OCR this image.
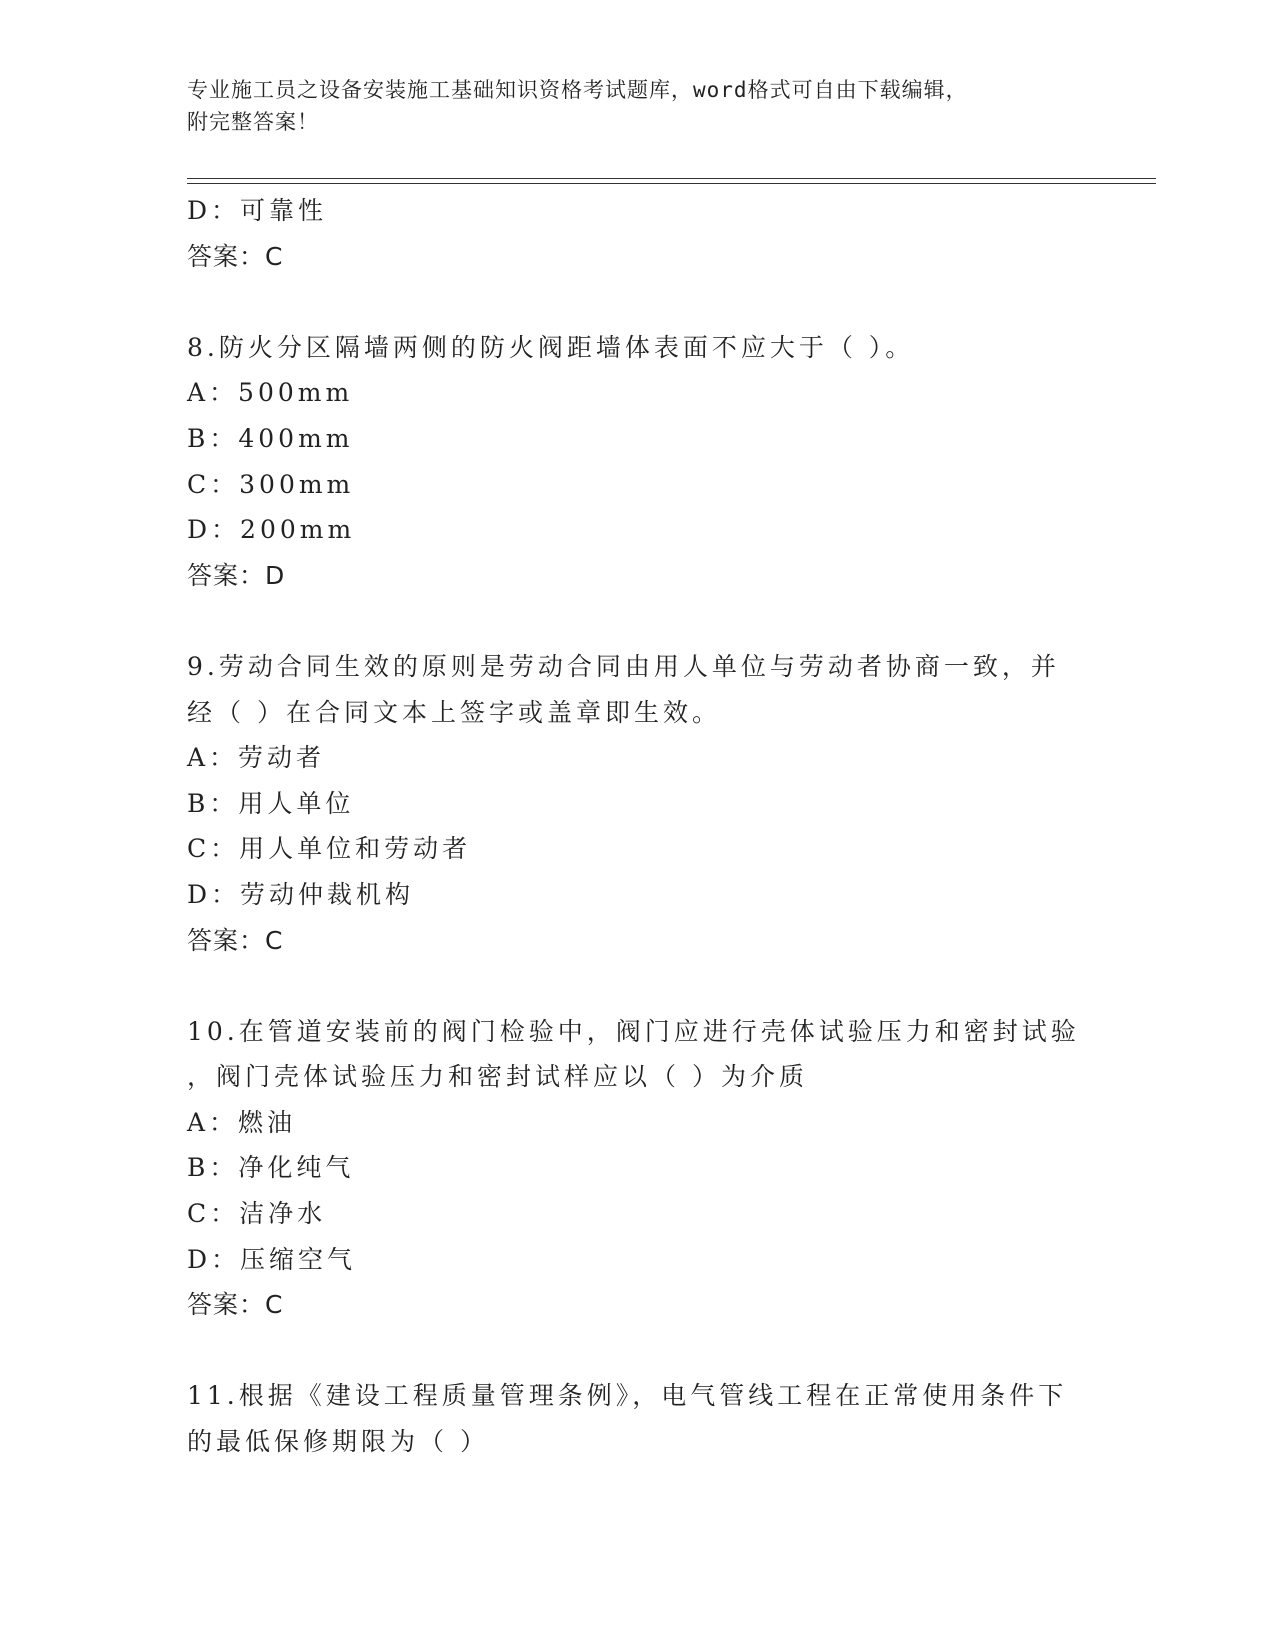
专业施工员之设备安装施工基础知识资格考试题库，word格式可自由下载编辑，
附完整答案！
D：可靠性
答案：C
8.防火分区隔墙两侧的防火阀距墙体表面不应大于（ ）。
A：500mm
B：400mm
C：300mm
D：200mm
答案：D
9.劳动合同生效的原则是劳动合同由用人单位与劳动者协商一致，并
经（ ）在合同文本上签字或盖章即生效。
A：劳动者
B：用人单位
C：用人单位和劳动者
D：劳动仲裁机构
答案：C
10.在管道安装前的阀门检验中，阀门应进行壳体试验压力和密封试验
，阀门壳体试验压力和密封试样应以（ ）为介质
A：燃油
B：净化纯气
C：洁净水
D：压缩空气
答案：C
11.根据《建设工程质量管理条例》，电气管线工程在正常使用条件下
的最低保修期限为（ ）
